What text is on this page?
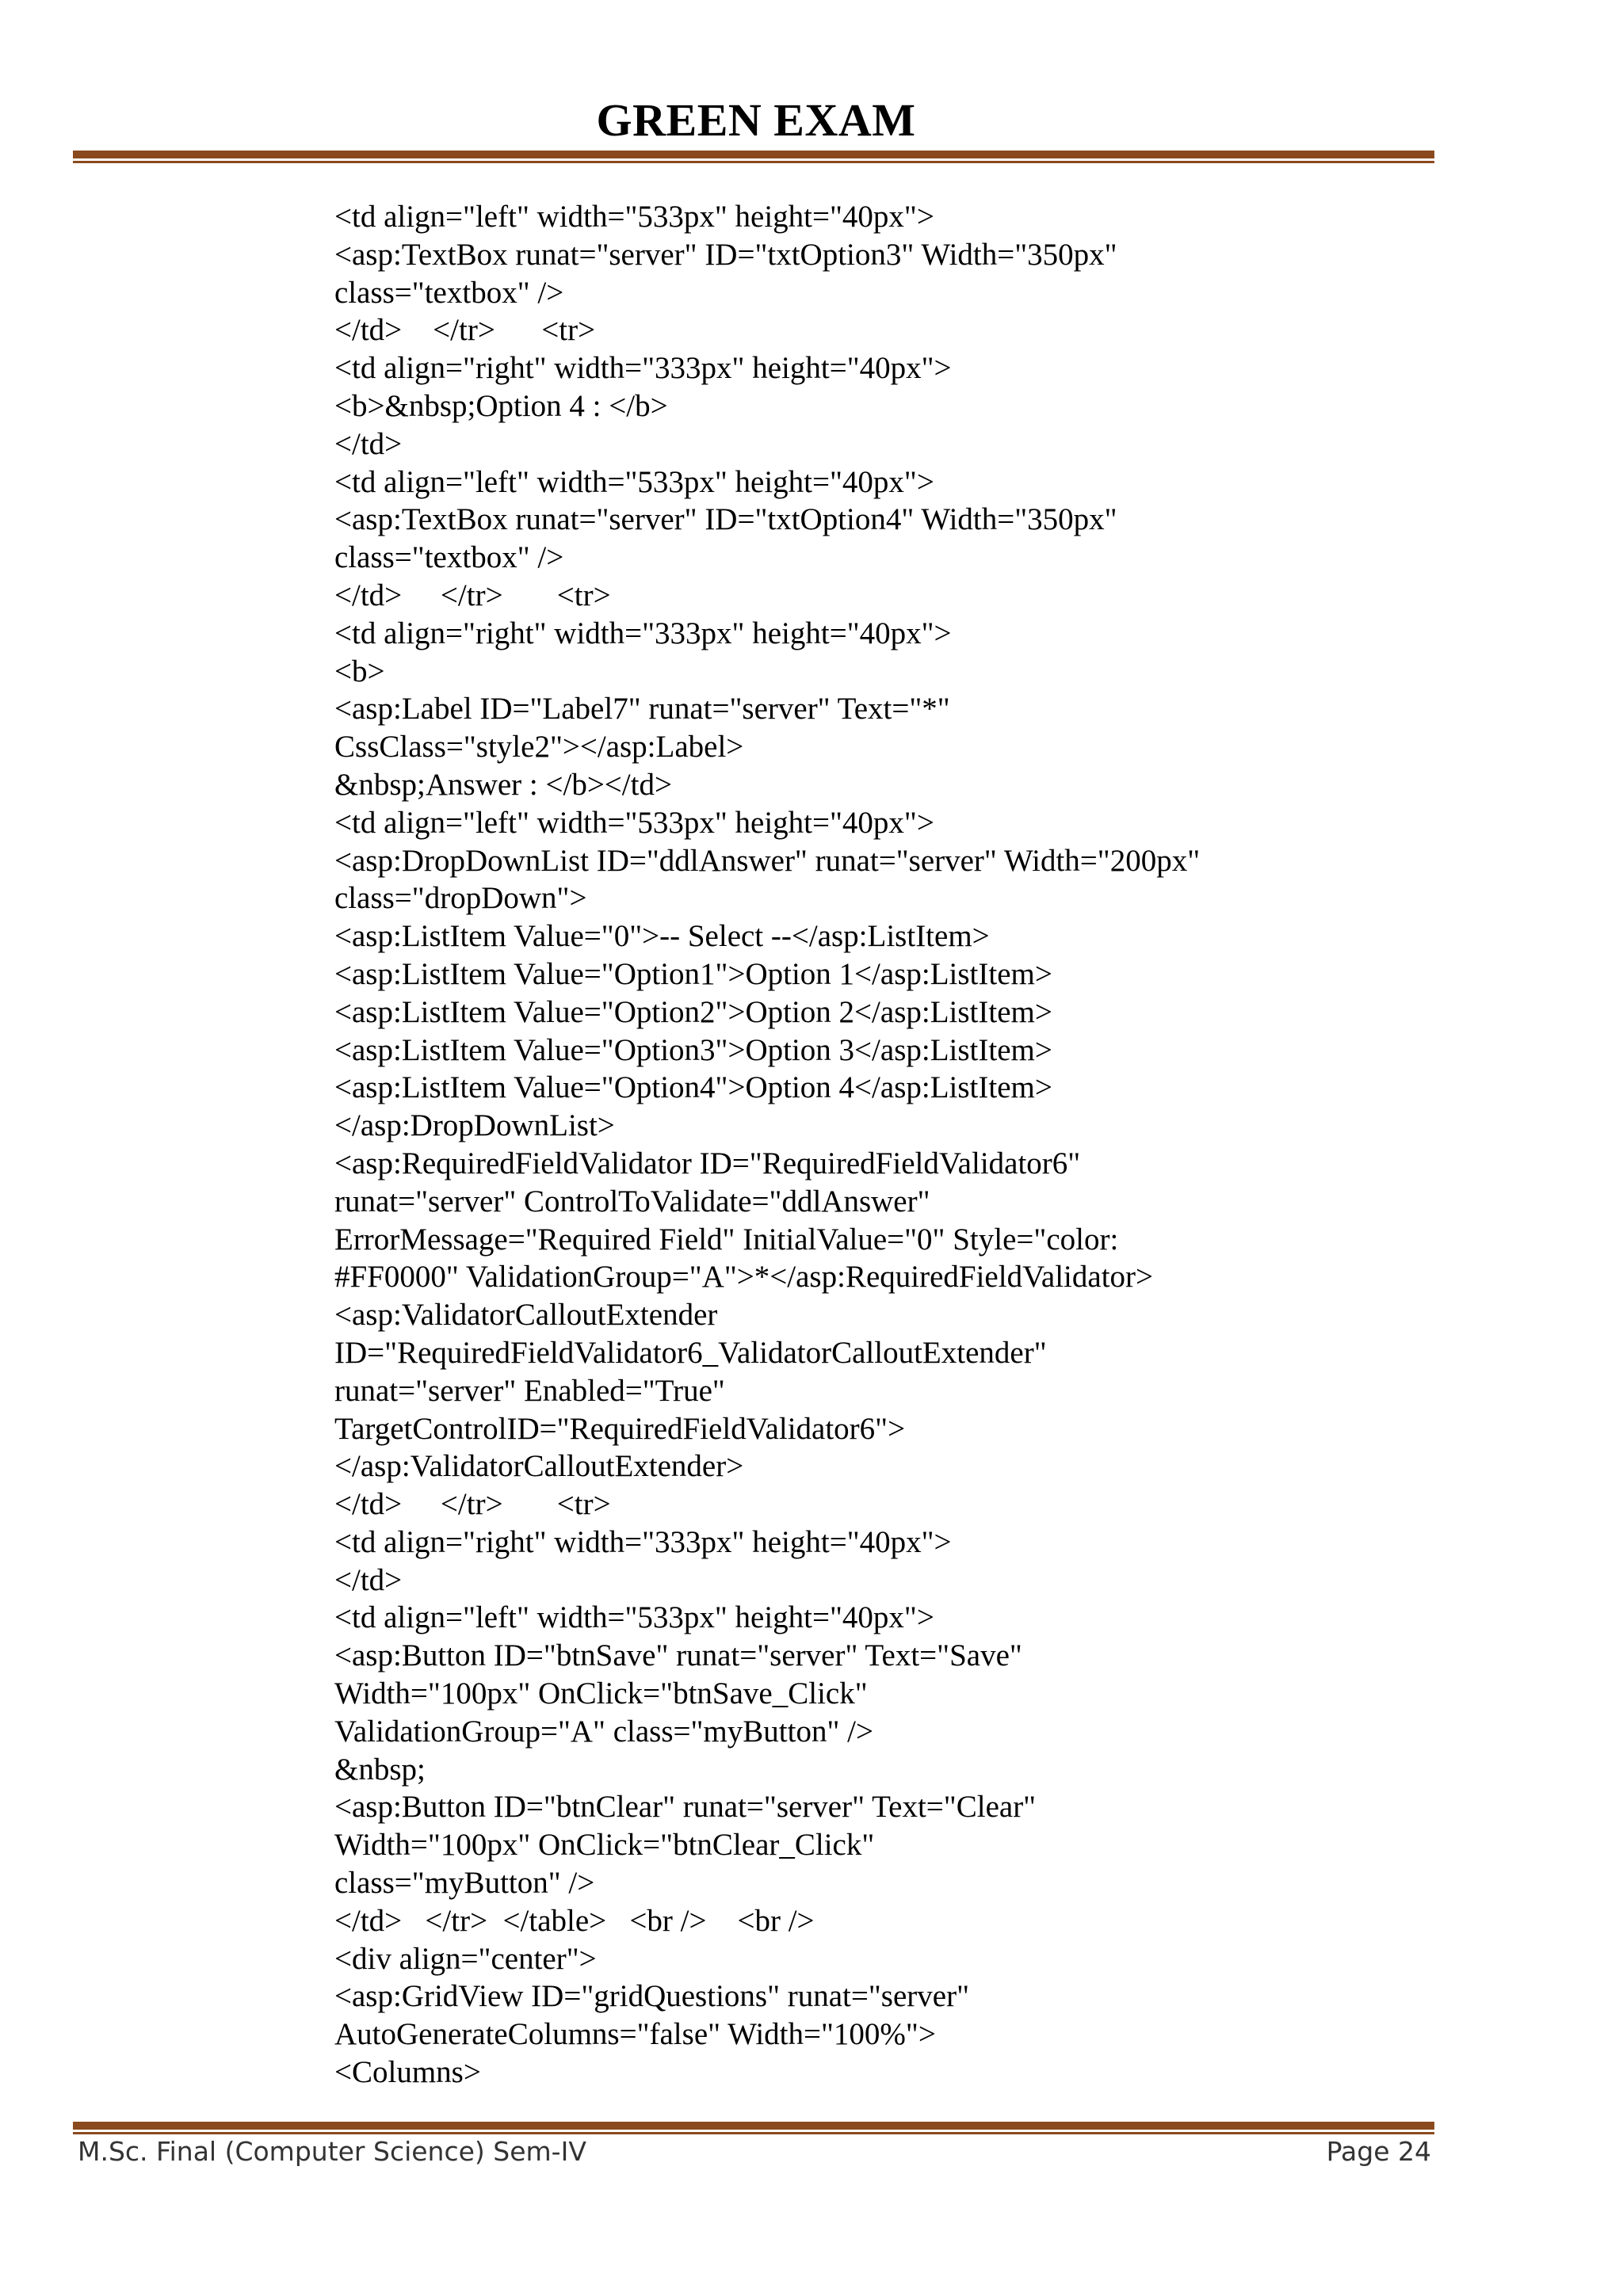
GREEN EXAM
<td align="left" width="533px" height="40px">
<asp:TextBox runat="server" ID="txtOption3" Width="350px"
class="textbox" />
</td>    </tr>      <tr>
<td align="right" width="333px" height="40px">
<b>&nbsp;Option 4 : </b>
</td>
<td align="left" width="533px" height="40px">
<asp:TextBox runat="server" ID="txtOption4" Width="350px"
class="textbox" />
</td>     </tr>       <tr>
<td align="right" width="333px" height="40px">
<b>
<asp:Label ID="Label7" runat="server" Text="*"
CssClass="style2"></asp:Label>
&nbsp;Answer : </b></td>
<td align="left" width="533px" height="40px">
<asp:DropDownList ID="ddlAnswer" runat="server" Width="200px"
class="dropDown">
<asp:ListItem Value="0">-- Select --</asp:ListItem>
<asp:ListItem Value="Option1">Option 1</asp:ListItem>
<asp:ListItem Value="Option2">Option 2</asp:ListItem>
<asp:ListItem Value="Option3">Option 3</asp:ListItem>
<asp:ListItem Value="Option4">Option 4</asp:ListItem>
</asp:DropDownList>
<asp:RequiredFieldValidator ID="RequiredFieldValidator6"
runat="server" ControlToValidate="ddlAnswer"
ErrorMessage="Required Field" InitialValue="0" Style="color:
#FF0000" ValidationGroup="A">*</asp:RequiredFieldValidator>
<asp:ValidatorCalloutExtender
ID="RequiredFieldValidator6_ValidatorCalloutExtender"
runat="server" Enabled="True"
TargetControlID="RequiredFieldValidator6">
</asp:ValidatorCalloutExtender>
</td>     </tr>       <tr>
<td align="right" width="333px" height="40px">
</td>
<td align="left" width="533px" height="40px">
<asp:Button ID="btnSave" runat="server" Text="Save"
Width="100px" OnClick="btnSave_Click"
ValidationGroup="A" class="myButton" />
&nbsp;
<asp:Button ID="btnClear" runat="server" Text="Clear"
Width="100px" OnClick="btnClear_Click"
class="myButton" />
</td>   </tr>  </table>   <br />    <br />
<div align="center">
<asp:GridView ID="gridQuestions" runat="server"
AutoGenerateColumns="false" Width="100%">
<Columns>
M.Sc. Final (Computer Science) Sem-IV	Page 24
